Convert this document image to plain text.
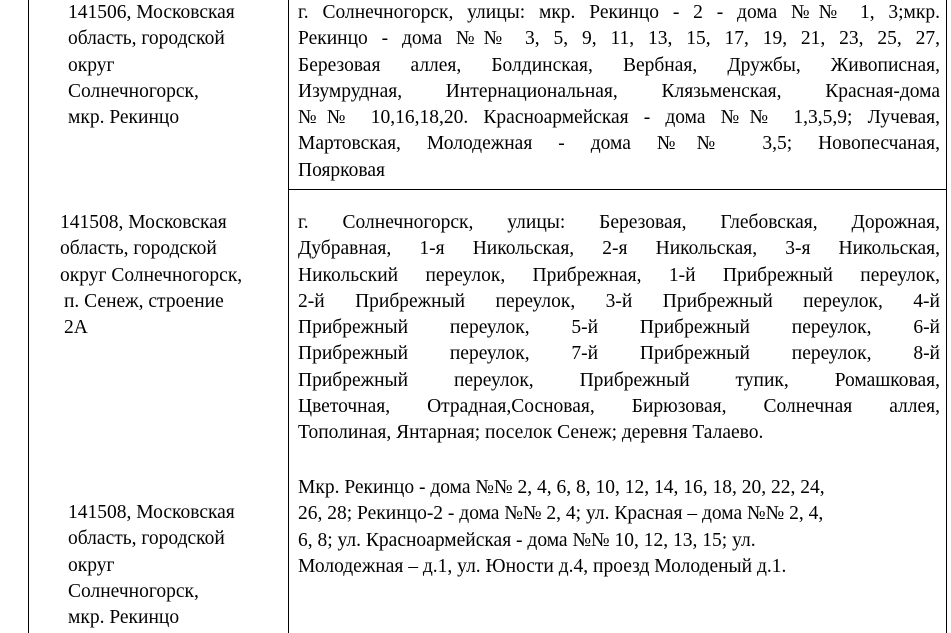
141506, Московская
область, городской
округ
Солнечногорск,
мкр. Рекинцо
г. Солнечногорск, улицы: мкр. Рекинцо - 2 - дома №№ 1, 3;мкр.
Рекинцо - дома №№ 3, 5, 9, 11, 13, 15, 17, 19, 21, 23, 25, 27,
Березовая аллея, Болдинская, Вербная, Дружбы, Живописная,
Изумрудная, Интернациональная, Клязьменская, Красная-дома
№№ 10,16,18,20. Красноармейская - дома №№ 1,3,5,9; Лучевая,
Мартовская, Молодежная - дома №№ 3,5; Новопесчаная,
Поярковая
141508, Московская
область, городской
округ Солнечногорск,
п. Сенеж, строение
2А
г. Солнечногорск, улицы: Березовая, Глебовская, Дорожная,
Дубравная, 1-я Никольская, 2-я Никольская, 3-я Никольская,
Никольский переулок, Прибрежная, 1-й Прибрежный переулок,
2-й Прибрежный переулок, 3-й Прибрежный переулок, 4-й
Прибрежный переулок, 5-й Прибрежный переулок, 6-й
Прибрежный переулок, 7-й Прибрежный переулок, 8-й
Прибрежный переулок, Прибрежный тупик, Ромашковая,
Цветочная, Отрадная,Сосновая, Бирюзовая, Солнечная аллея,
Тополиная, Янтарная; поселок Сенеж; деревня Талаево.
141508, Московская
область, городской
округ
Солнечногорск,
мкр. Рекинцо
Мкр. Рекинцо - дома №№ 2, 4, 6, 8, 10, 12, 14, 16, 18, 20, 22, 24,
26, 28; Рекинцо-2 - дома №№ 2, 4; ул. Красная – дома №№ 2, 4,
6, 8; ул. Красноармейская - дома №№ 10, 12, 13, 15; ул.
Молодежная – д.1, ул. Юности д.4, проезд Молоденый д.1.
